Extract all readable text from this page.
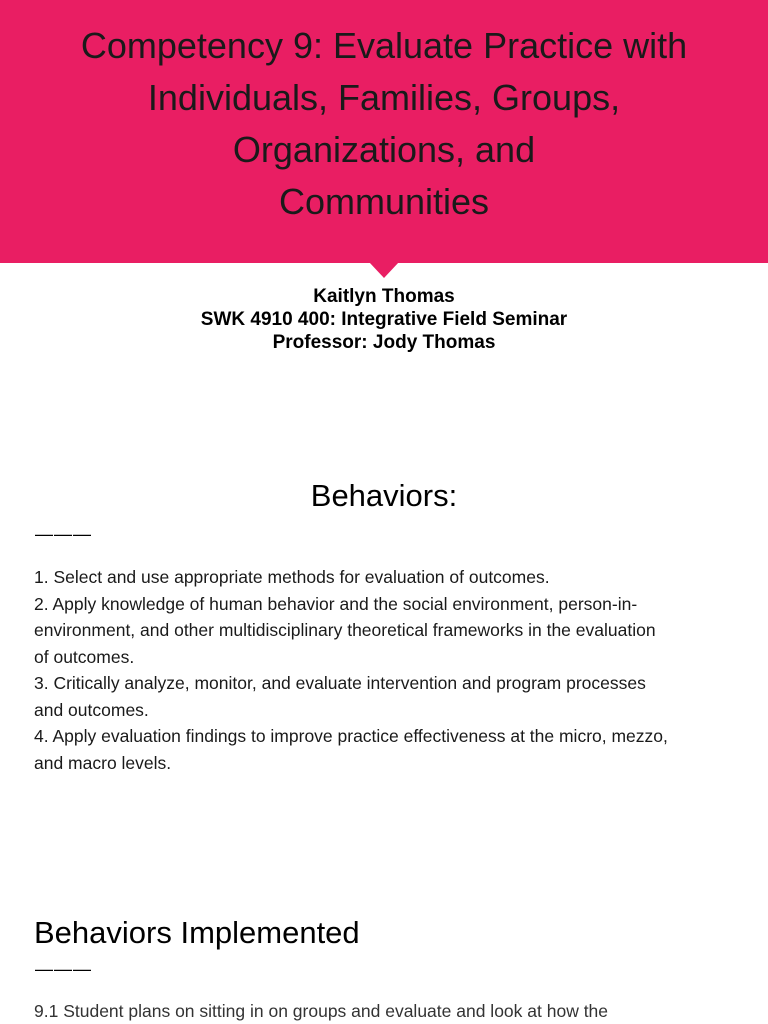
Competency 9: Evaluate Practice with
Individuals, Families, Groups,
Organizations, and
Communities
Kaitlyn Thomas
SWK 4910 400: Integrative Field Seminar
Professor: Jody Thomas
Behaviors:
———
1. Select and use appropriate methods for evaluation of outcomes.
2. Apply knowledge of human behavior and the social environment, person-in-
environment, and other multidisciplinary theoretical frameworks in the evaluation
of outcomes.
3. Critically analyze, monitor, and evaluate intervention and program processes
and outcomes.
4. Apply evaluation findings to improve practice effectiveness at the micro, mezzo,
and macro levels.
Behaviors Implemented
———
9.1 Student plans on sitting in on groups and evaluate and look at how the
